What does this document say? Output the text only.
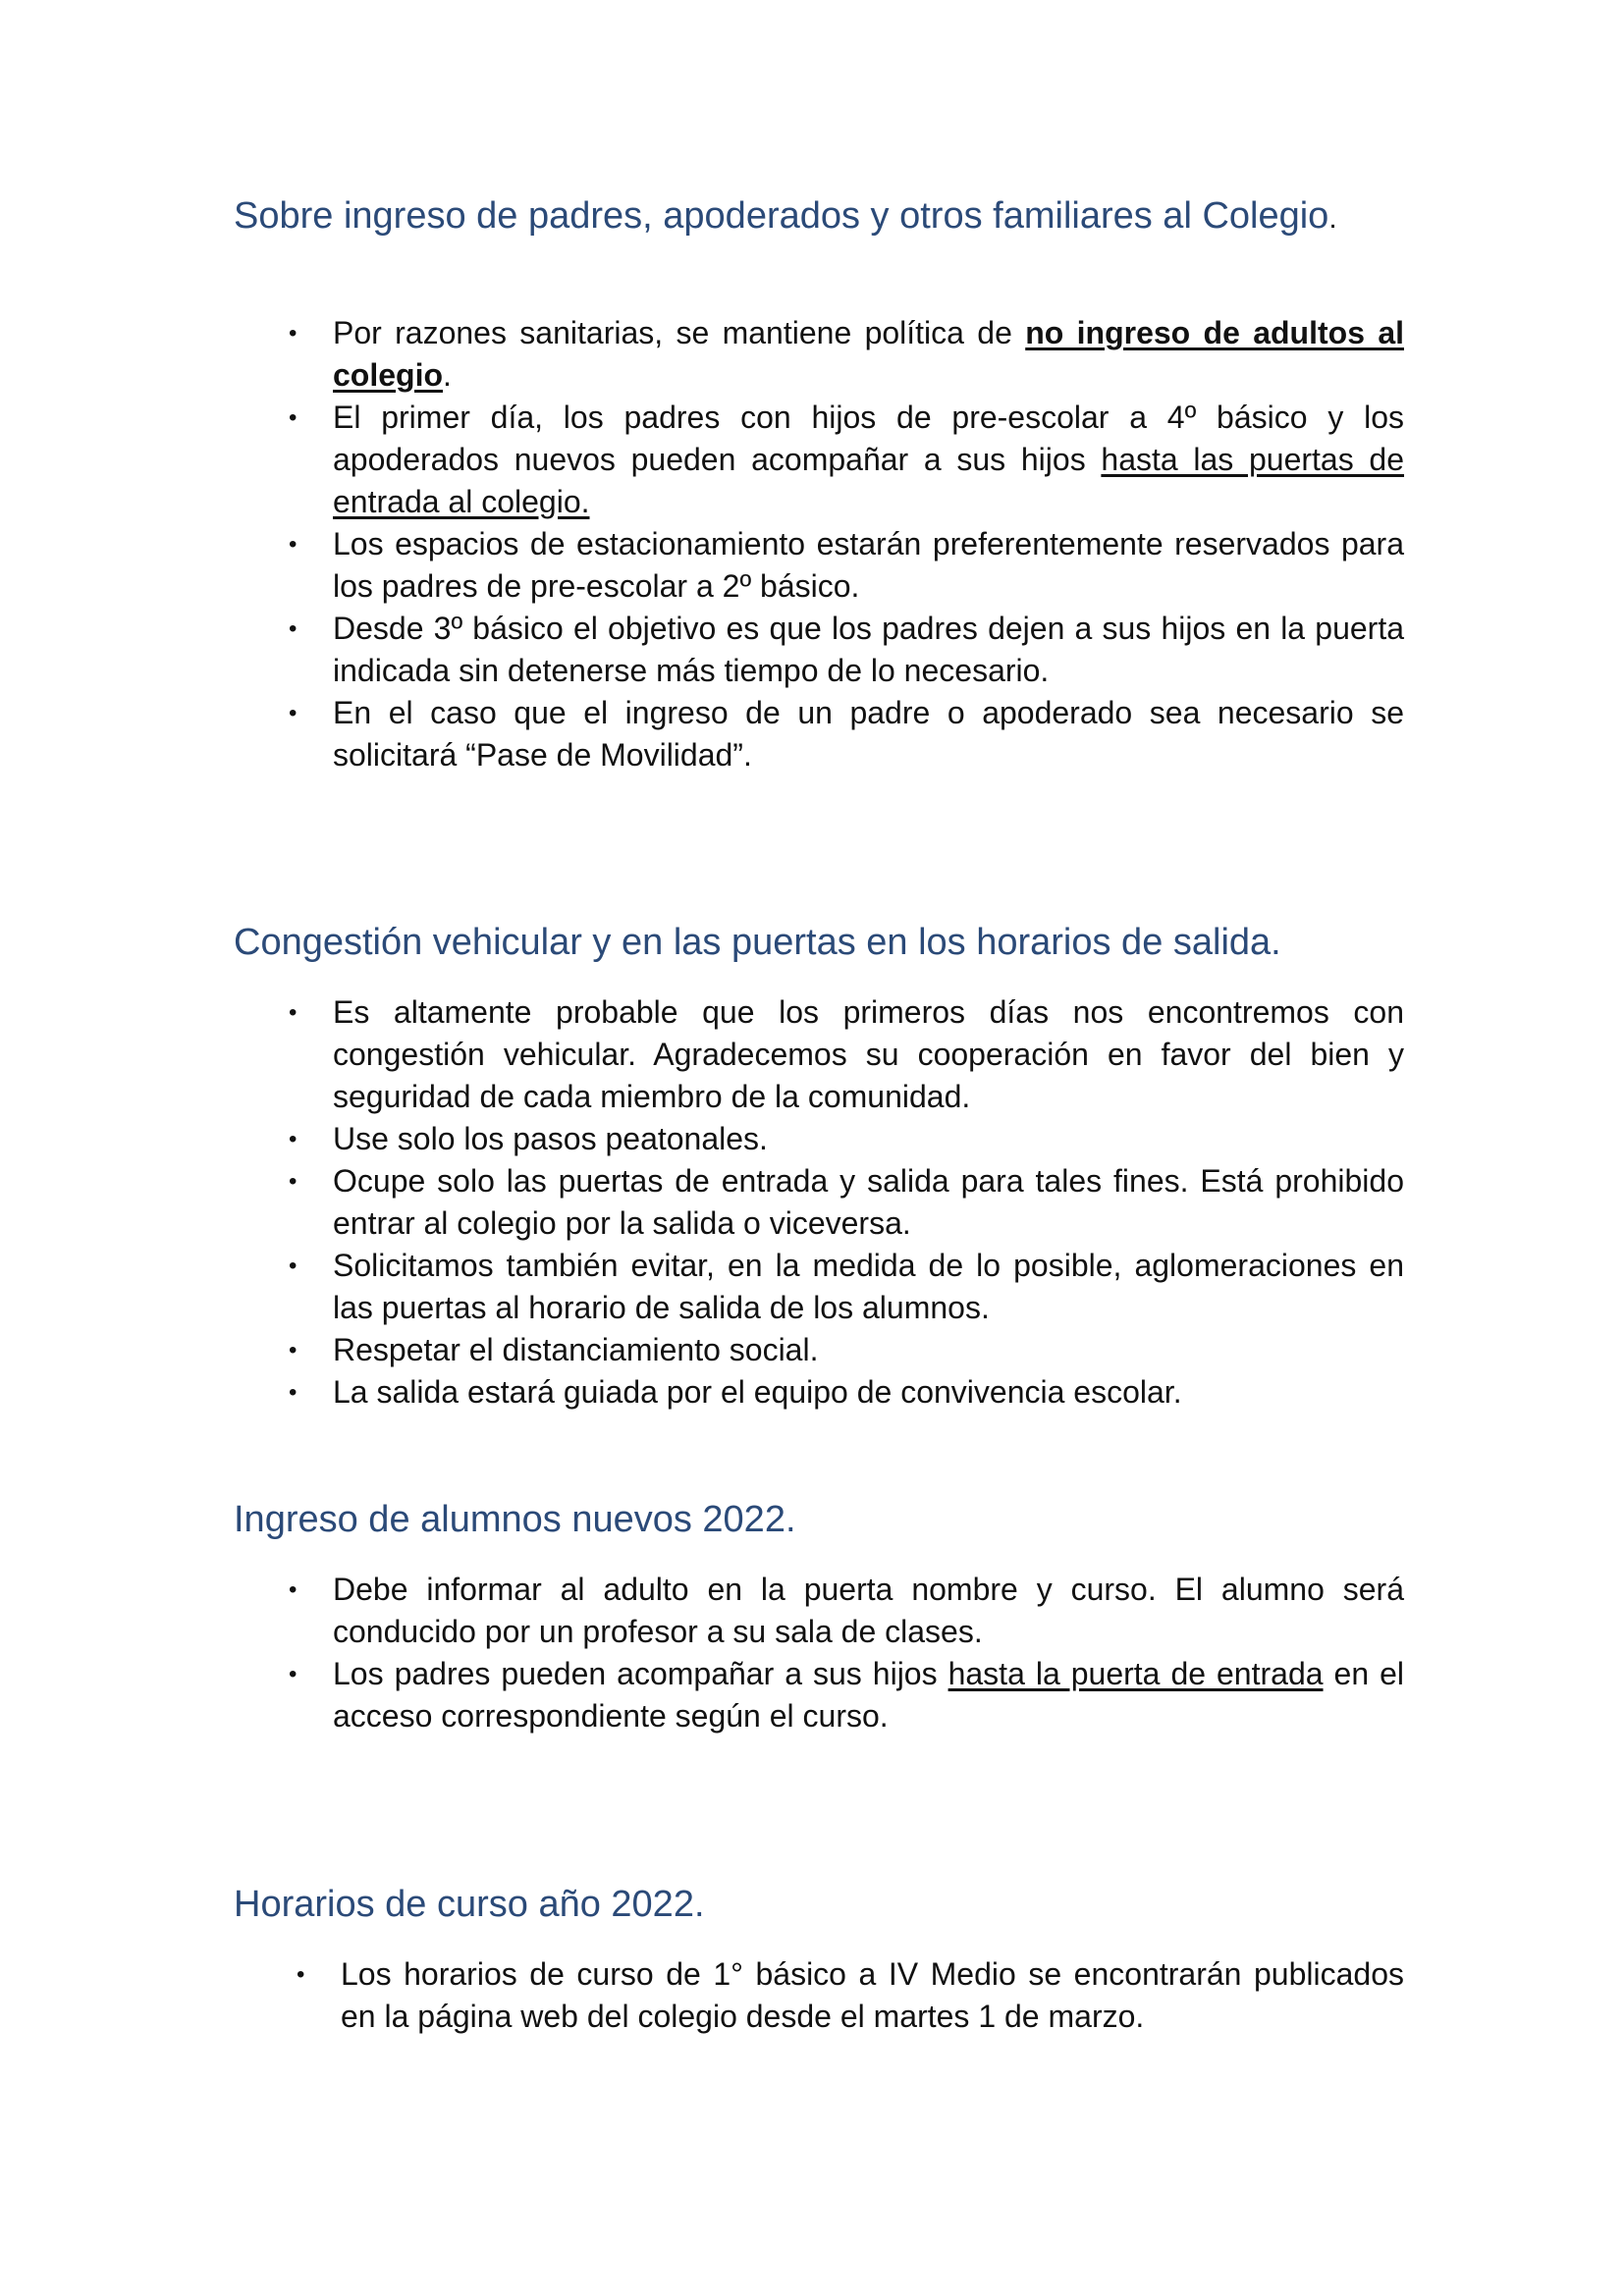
Sobre ingreso de padres, apoderados y otros familiares al Colegio.
• Por razones sanitarias, se mantiene política de no ingreso de adultos al colegio.
• El primer día, los padres con hijos de pre-escolar a 4º básico y los apoderados nuevos pueden acompañar a sus hijos hasta las puertas de entrada al colegio.
• Los espacios de estacionamiento estarán preferentemente reservados para los padres de pre-escolar a 2º básico.
• Desde 3º básico el objetivo es que los padres dejen a sus hijos en la puerta indicada sin detenerse más tiempo de lo necesario.
• En el caso que el ingreso de un padre o apoderado sea necesario se solicitará “Pase de Movilidad”.
Congestión vehicular y en las puertas en los horarios de salida.
• Es altamente probable que los primeros días nos encontremos con congestión vehicular. Agradecemos su cooperación en favor del bien y seguridad de cada miembro de la comunidad.
• Use solo los pasos peatonales.
• Ocupe solo las puertas de entrada y salida para tales fines. Está prohibido entrar al colegio por la salida o viceversa.
• Solicitamos también evitar, en la medida de lo posible, aglomeraciones en las puertas al horario de salida de los alumnos.
• Respetar el distanciamiento social.
• La salida estará guiada por el equipo de convivencia escolar.
Ingreso de alumnos nuevos 2022.
• Debe informar al adulto en la puerta nombre y curso. El alumno será conducido por un profesor a su sala de clases.
• Los padres pueden acompañar a sus hijos hasta la puerta de entrada en el acceso correspondiente según el curso.
Horarios de curso año 2022.
• Los horarios de curso de 1° básico a IV Medio se encontrarán publicados en la página web del colegio desde el martes 1 de marzo.
